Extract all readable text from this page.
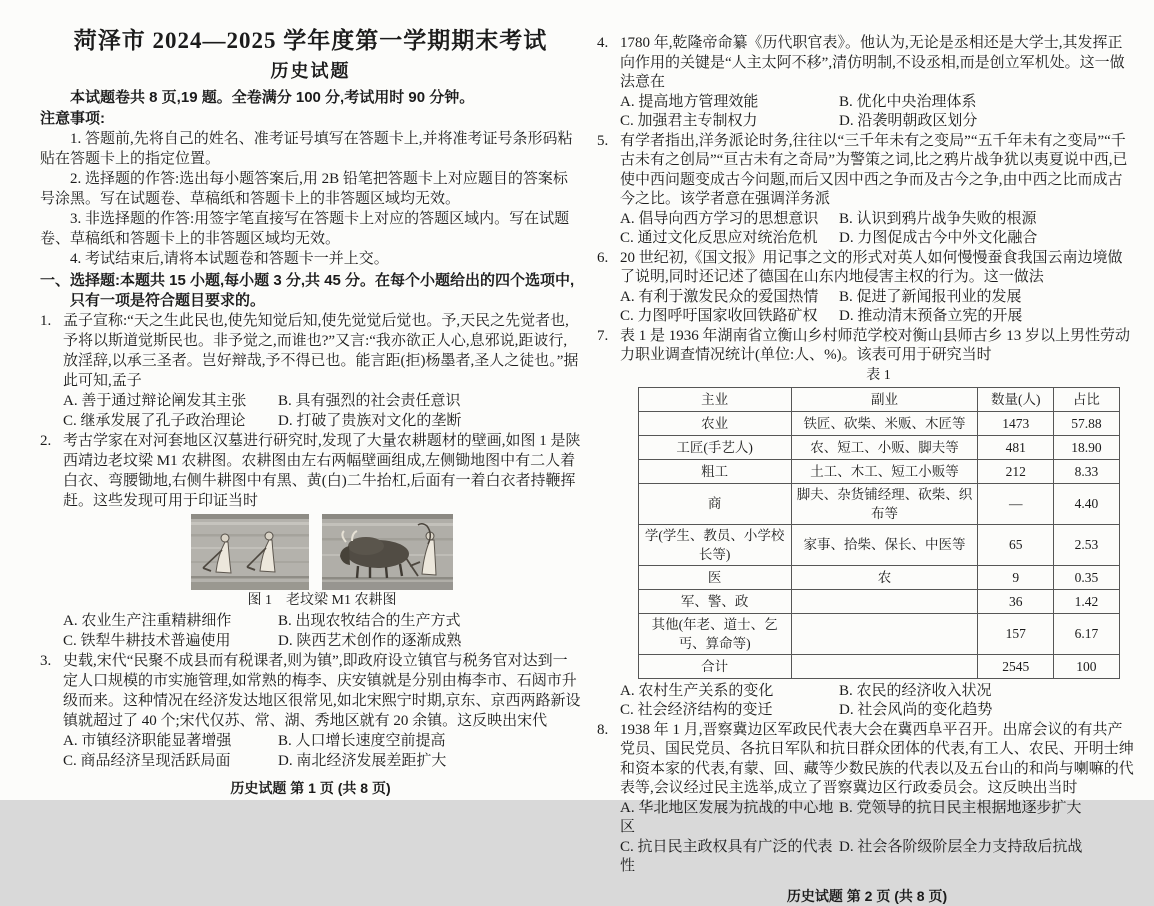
菏泽市 2024—2025 学年度第一学期期末考试
历史试题
本试题卷共 8 页,19 题。全卷满分 100 分,考试用时 90 分钟。
注意事项:
1. 答题前,先将自己的姓名、准考证号填写在答题卡上,并将准考证号条形码粘贴在答题卡上的指定位置。
2. 选择题的作答:选出每小题答案后,用 2B 铅笔把答题卡上对应题目的答案标号涂黑。写在试题卷、草稿纸和答题卡上的非答题区域均无效。
3. 非选择题的作答:用签字笔直接写在答题卡上对应的答题区域内。写在试题卷、草稿纸和答题卡上的非答题区域均无效。
4. 考试结束后,请将本试题卷和答题卡一并上交。
一、选择题:本题共 15 小题,每小题 3 分,共 45 分。在每个小题给出的四个选项中,只有一项是符合题目要求的。
1. 孟子宣称:“天之生此民也,使先知觉后知,使先觉觉后觉也。予,天民之先觉者也,予将以斯道觉斯民也。非予觉之,而谁也?”又言:“我亦欲正人心,息邪说,距诐行,放淫辞,以承三圣者。岂好辩哉,予不得已也。能言距(拒)杨墨者,圣人之徒也。”据此可知,孟子
A. 善于通过辩论阐发其主张	B. 具有强烈的社会责任意识
C. 继承发展了孔子政治理论	D. 打破了贵族对文化的垄断
2. 考古学家在对河套地区汉墓进行研究时,发现了大量农耕题材的壁画,如图 1 是陕西靖边老坟梁 M1 农耕图。农耕图由左右两幅壁画组成,左侧锄地图中有二人着白衣、弯腰锄地,右侧牛耕图中有黑、黄(白)二牛抬杠,后面有一着白衣者持鞭挥赶。这些发现可用于印证当时

图 1　老坟梁 M1 农耕图
A. 农业生产注重精耕细作	B. 出现农牧结合的生产方式
C. 铁犁牛耕技术普遍使用	D. 陕西艺术创作的逐渐成熟
3. 史载,宋代“民聚不成县而有税课者,则为镇”,即政府设立镇官与税务官对达到一定人口规模的市实施管理,如常熟的梅李、庆安镇就是分别由梅李市、石闼市升级而来。这种情况在经济发达地区很常见,如北宋熙宁时期,京东、京西两路新设镇就超过了 40 个;宋代仅苏、常、湖、秀地区就有 20 余镇。这反映出宋代
A. 市镇经济职能显著增强	B. 人口增长速度空前提高
C. 商品经济呈现活跃局面	D. 南北经济发展差距扩大
历史试题 第 1 页 (共 8 页)
4. 1780 年,乾隆帝命纂《历代职官表》。他认为,无论是丞相还是大学士,其发挥正向作用的关键是“人主太阿不移”,清仿明制,不设丞相,而是创立军机处。这一做法意在
A. 提高地方管理效能	B. 优化中央治理体系
C. 加强君主专制权力	D. 沿袭明朝政区划分
5. 有学者指出,洋务派论时务,往往以“三千年未有之变局”“五千年未有之变局”“千古未有之创局”“亘古未有之奇局”为警策之词,比之鸦片战争犹以夷夏说中西,已使中西问题变成古今问题,而后又因中西之争而及古今之争,由中西之比而成古今之比。该学者意在强调洋务派
A. 倡导向西方学习的思想意识	B. 认识到鸦片战争失败的根源
C. 通过文化反思应对统治危机	D. 力图促成古今中外文化融合
6. 20 世纪初,《国文报》用记事之文的形式对英人如何慢慢蚕食我国云南边境做了说明,同时还记述了德国在山东内地侵害主权的行为。这一做法
A. 有利于激发民众的爱国热情	B. 促进了新闻报刊业的发展
C. 力图呼吁国家收回铁路矿权	D. 推动清末预备立宪的开展
7. 表 1 是 1936 年湖南省立衡山乡村师范学校对衡山县师古乡 13 岁以上男性劳动力职业调查情况统计(单位:人、%)。该表可用于研究当时
表 1
主业	副业	数量(人)	占比
农业	铁匠、砍柴、米贩、木匠等	1473	57.88
工匠(手艺人)	农、短工、小贩、脚夫等	481	18.90
粗工	土工、木工、短工小贩等	212	8.33
商	脚夫、杂货铺经理、砍柴、织布等	—	4.40
学(学生、教员、小学校长等)	家事、拾柴、保长、中医等	65	2.53
医	农	9	0.35
军、警、政		36	1.42
其他(年老、道士、乞丐、算命等)		157	6.17
合计		2545	100
A. 农村生产关系的变化	B. 农民的经济收入状况
C. 社会经济结构的变迁	D. 社会风尚的变化趋势
8. 1938 年 1 月,晋察冀边区军政民代表大会在冀西阜平召开。出席会议的有共产党员、国民党员、各抗日军队和抗日群众团体的代表,有工人、农民、开明士绅和资本家的代表,有蒙、回、藏等少数民族的代表以及五台山的和尚与喇嘛的代表等,会议经过民主选举,成立了晋察冀边区行政委员会。这反映出当时
A. 华北地区发展为抗战的中心地区
B. 党领导的抗日民主根据地逐步扩大
C. 抗日民主政权具有广泛的代表性
D. 社会各阶级阶层全力支持敌后抗战
历史试题 第 2 页 (共 8 页)
